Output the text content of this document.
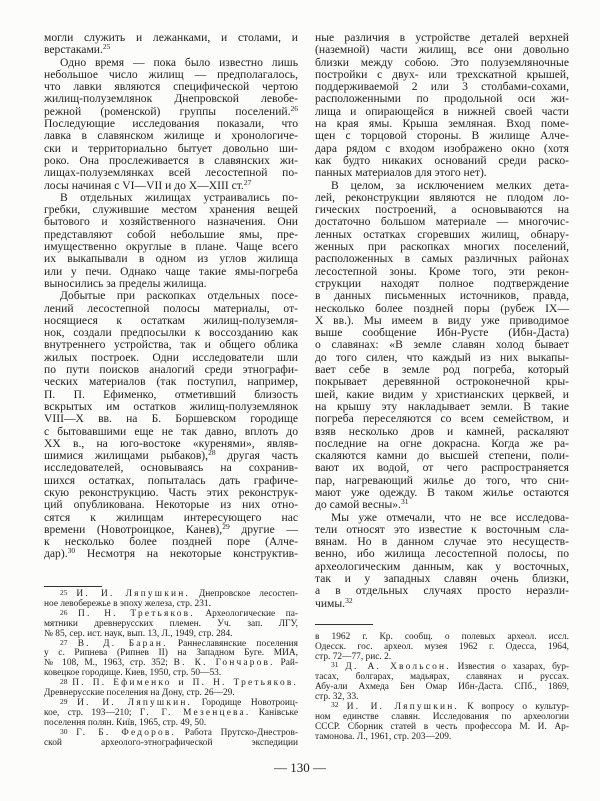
могли служить и лежанками, и столами, и
верстаками.$^{25}$
Одно время — пока было известно лишь
небольшое число жилищ — предполагалось,
что лавки являются специфической чертою
жилищ-полуземлянок Днепровской левобе-
режной (роменской) группы поселений.$^{26}$
Последующие исследования показали, что
лавка в славянском жилище и хронологиче-
ски и территориально бытует довольно ши-
роко. Она прослеживается в славянских жи-
лищах-полуземлянках всей лесостепной по-
лосы начиная с VI—VII и до X—XIII ст.$^{27}$
В отдельных жилищах устраивались по-
гребки, служившие местом хранения вещей
бытового и хозяйственного назначения. Они
представляют собой небольшие ямы, пре-
имущественно округлые в плане. Чаще всего
их выкапывали в одном из углов жилища
или у печи. Однако чаще такие ямы-погреба
выносились за пределы жилища.
Добытые при раскопках отдельных посе-
лений лесостепной полосы материалы, от-
носящиеся к остаткам жилищ-полуземля-
нок, создали предпосылки к воссозданию как
внутреннего устройства, так и общего облика
жилых построек. Одни исследователи шли
по пути поисков аналогий среди этнографи-
ческих материалов (так поступил, например,
П. П. Ефименко, отметивший близость
вскрытых им остатков жилищ-полуземлянок
VIII—X вв. на Б. Боршевском городище
с бытовавшими еще не так давно, вплоть до
XX в., на юго-востоке «куренями», являв-
шимися жилищами рыбаков),$^{28}$ другая часть
исследователей, основываясь на сохранив-
шихся остатках, попыталась дать графиче-
скую реконструкцию. Часть этих реконструк-
ций опубликована. Некоторые из них отно-
сятся к жилищам интересующего нас
времени (Новотроицкое, Канев),$^{29}$ другие —
к несколько более поздней поре (Алче-
дар).$^{30}$ Несмотря на некоторые конструктив-
ные различия в устройстве деталей верхней
(наземной) части жилищ, все они довольно
близки между собою. Это полуземляночные
постройки с двух- или трехскатной крышей,
поддерживаемой 2 или 3 столбами-сохами,
расположенными по продольной оси жи-
лища и опирающейся в нижней своей части
на края ямы. Крыша земляная. Вход поме-
щен с торцовой стороны. В жилище Алче-
дара рядом с входом изображено окно (хотя
как будто никаких оснований среди раско-
панных материалов для этого нет).
В целом, за исключением мелких дета-
лей, реконструкции являются не плодом ло-
гических построений, а основываются на
достаточно большом материале — многочис-
ленных остатках сгоревших жилищ, обнару-
женных при раскопках многих поселений,
расположенных в самых различных районах
лесостепной зоны. Кроме того, эти рекон-
струкции находят полное подтверждение
в данных письменных источников, правда,
несколько более поздней поры (рубеж IX—
X вв.). Мы имеем в виду уже приводимое
выше сообщение Ибн-Русте (Ибн-Даста)
о славянах: «В земле славян холод бывает
до того силен, что каждый из них выкапы-
вает себе в земле род погреба, который
покрывает деревянной остроконечной кры-
шей, какие видим у христианских церквей, и
на крышу эту накладывает земли. В такие
погреба переселяются со всем семейством, и
взяв несколько дров и камней, раскаляют
последние на огне докрасна. Когда же ра-
скаляются камни до высшей степени, поли-
вают их водой, от чего распространяется
пар, нагревающий жилье до того, что сни-
мают уже одежду. В таком жилье остаются
до самой весны».$^{31}$
Мы уже отмечали, что не все исследова-
тели относят это известие к восточным сла-
вянам. Но в данном случае это несуществ-
венно, ибо жилища лесостепной полосы, по
археологическим данным, как у восточных,
так и у западных славян очень близки,
а в отдельных случаях просто неразли-
чимы.$^{32}$
$^{25}$ И. И. Ляпушкин. Днепровское лесостеп-
ное левобережье в эпоху железа, стр. 231.
$^{26}$ П. Н. Третьяков. Археологические па-
мятники древнерусских племен. Уч. зап. ЛГУ,
№ 85, сер. ист. наук, вып. 13, Л., 1949, стр. 284.
$^{27}$ В. Д. Баран. Раннеславянские поселения
у с. Рипнева (Рипнев II) на Западном Буге. МИА,
№ 108, М., 1963, стр. 352; В. К. Гончаров. Рай-
ковецкое городище. Киев, 1950, стр. 50—53.
$^{28}$ П. П. Ефименко и П. Н. Третьяков.
Древнерусские поселения на Дону, стр. 26—29.
$^{29}$ И. И. Ляпушкин. Городище Новотроиц-
кое, стр. 193—210; Г. Г. Мезенцева. Канівське
поселення полян. Київ, 1965, стр. 49, 50.
$^{30}$ Г. Б. Федоров. Работа Прутско-Днестров-
ской археолого-этнографической экспедиции
в 1962 г. Кр. сообщ. о полевых археол. иссл.
Одесск. гос. археол. музея 1962 г. Одесса, 1964,
стр. 72—77, рис. 2.
$^{31}$ Д. А. Хвольсон. Известия о хазарах, бур-
тасах, болгарах, мадьярах, славянах и руссах.
Абу-али Ахмеда Бен Омар Ибн-Даста. СПб., 1869,
стр. 32, 33.
$^{32}$ И. И. Ляпушкин. К вопросу о культур-
ном единстве славян. Исследования по археологии
СССР. Сборник статей в честь профессора М. И. Ар-
тамонова. Л., 1961, стр. 203—209.
— 130 —
